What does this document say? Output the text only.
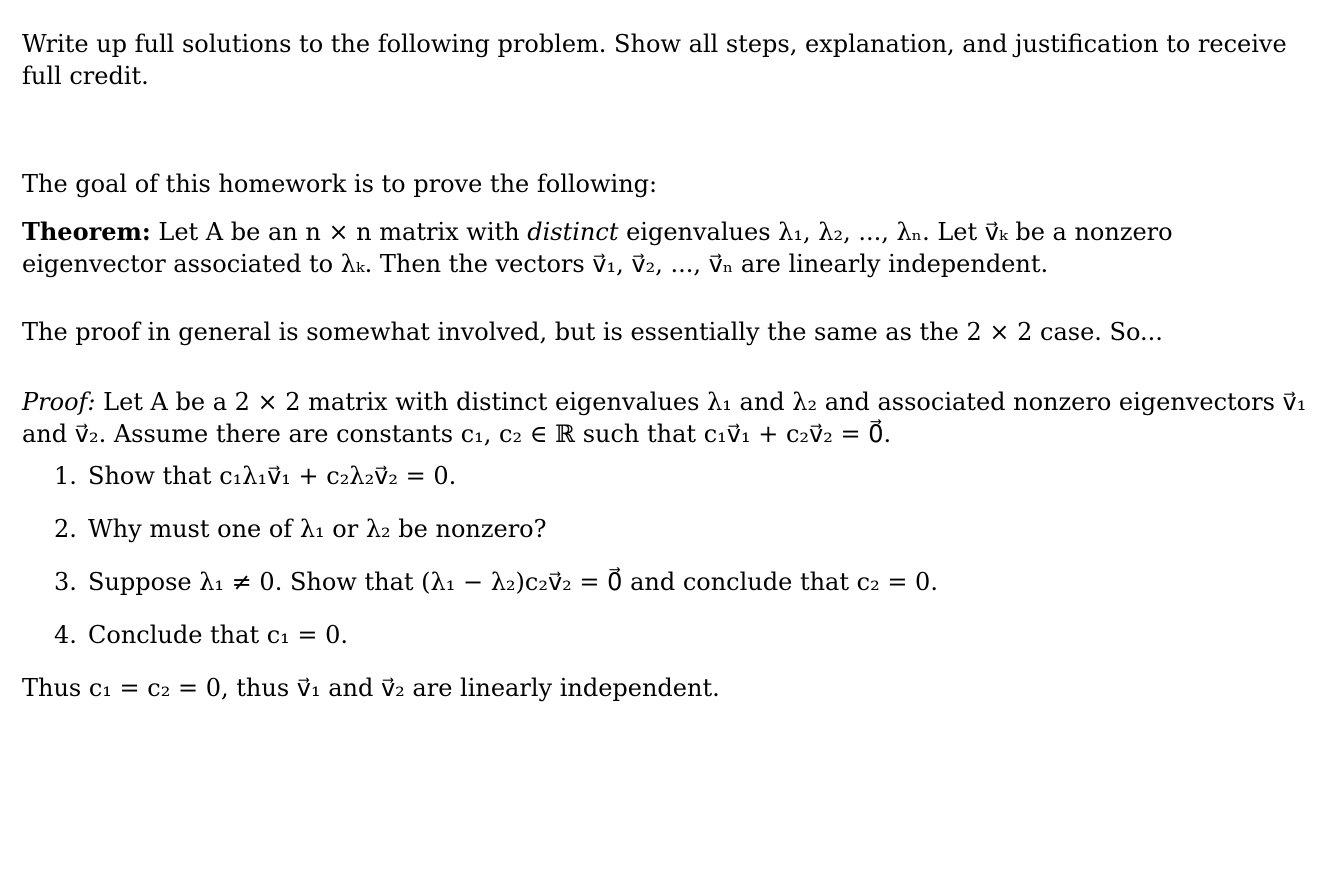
Write up full solutions to the following problem. Show all steps, explanation, and justification to receive full credit.

The goal of this homework is to prove the following:

Theorem: Let A be an n × n matrix with distinct eigenvalues λ₁, λ₂, ..., λₙ. Let v⃗ₖ be a nonzero eigenvector associated to λₖ. Then the vectors v⃗₁, v⃗₂, ..., v⃗ₙ are linearly independent.

The proof in general is somewhat involved, but is essentially the same as the 2 × 2 case. So...

Proof: Let A be a 2 × 2 matrix with distinct eigenvalues λ₁ and λ₂ and associated nonzero eigenvectors v⃗₁ and v⃗₂. Assume there are constants c₁, c₂ ∈ ℝ such that c₁v⃗₁ + c₂v⃗₂ = 0⃗.

1. Show that c₁λ₁v⃗₁ + c₂λ₂v⃗₂ = 0.
2. Why must one of λ₁ or λ₂ be nonzero?
3. Suppose λ₁ ≠ 0. Show that (λ₁ − λ₂)c₂v⃗₂ = 0⃗ and conclude that c₂ = 0.
4. Conclude that c₁ = 0.

Thus c₁ = c₂ = 0, thus v⃗₁ and v⃗₂ are linearly independent.
